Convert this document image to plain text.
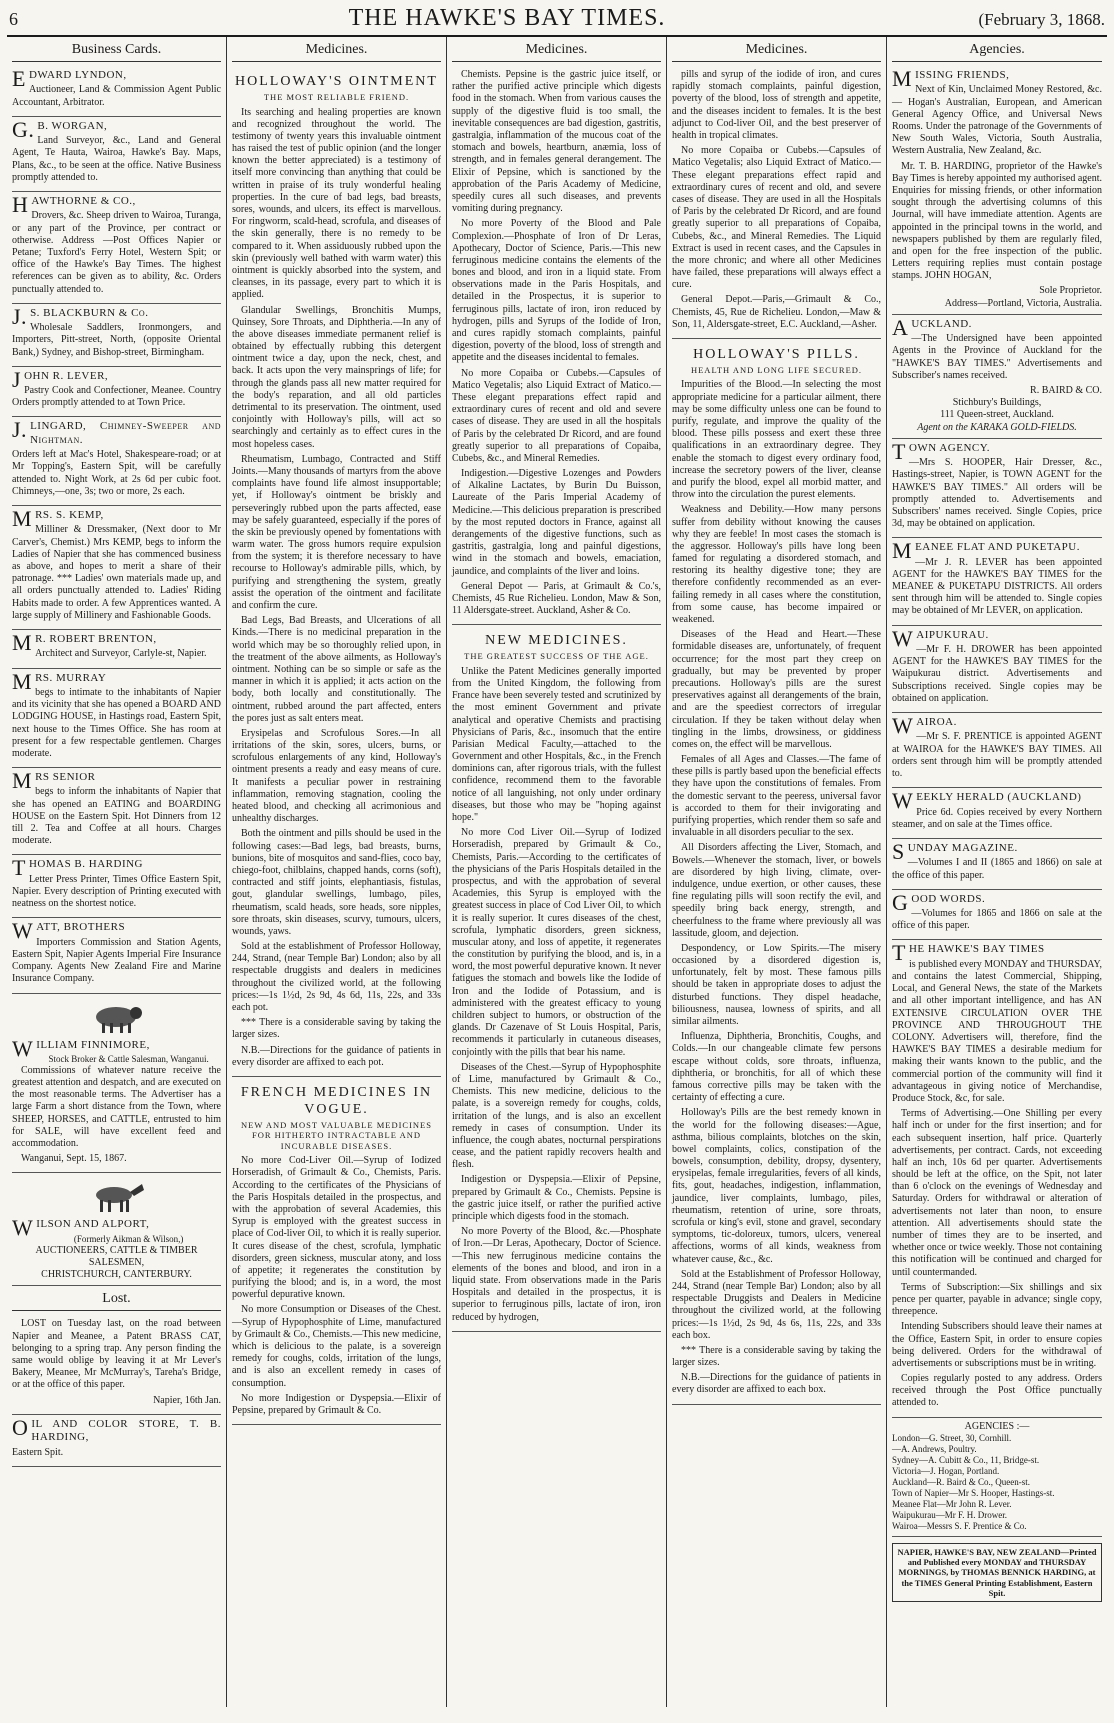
6	THE HAWKE'S BAY TIMES.	(February 3, 1868.
Business Cards.
EDWARD LYNDON,

Auctioneer, Land & Commission Agent Public Accountant, Arbitrator.

G.B. WORGAN,

Land Surveyor, &c., Land and General Agent, Te Hauta, Wairoa, Hawke's Bay. Maps, Plans, &c., to be seen at the office. Native Business promptly attended to.

HAWTHORNE & CO.,

Drovers, &c. Sheep driven to Wairoa, Turanga, or any part of the Province, per contract or otherwise. Address —Post Offices Napier or Petane; Tuxford's Ferry Hotel, Western Spit; or office of the Hawke's Bay Times. The highest references can be given as to ability, &c. Orders punctually attended to.

J.S. BLACKBURN & Co.

Wholesale Saddlers, Ironmongers, and Importers, Pitt-street, North, (opposite Oriental Bank,) Sydney, and Bishop-street, Birmingham.

JOHN R. LEVER,

Pastry Cook and Confectioner, Meanee. Country Orders promptly attended to at Town Price.

J.LINGARD, Chimney-Sweeper and Nightman.

Orders left at Mac's Hotel, Shakespeare-road; or at Mr Topping's, Eastern Spit, will be carefully attended to. Night Work, at 2s 6d per cubic foot. Chimneys,—one, 3s; two or more, 2s each.

MRS. S. KEMP,

Milliner & Dressmaker, (Next door to Mr Carver's, Chemist.) Mrs KEMP, begs to inform the Ladies of Napier that she has commenced business as above, and hopes to merit a share of their patronage. *** Ladies' own materials made up, and all orders punctually attended to. Ladies' Riding Habits made to order. A few Apprentices wanted. A large supply of Millinery and Fashionable Goods.

MR. ROBERT BRENTON,

Architect and Surveyor, Carlyle-st, Napier.

MRS. MURRAY

begs to intimate to the inhabitants of Napier and its vicinity that she has opened a BOARD AND LODGING HOUSE, in Hastings road, Eastern Spit, next house to the Times Office. She has room at present for a few respectable gentlemen. Charges moderate.

MRS SENIOR

begs to inform the inhabitants of Napier that she has opened an EATING and BOARDING HOUSE on the Eastern Spit. Hot Dinners from 12 till 2. Tea and Coffee at all hours. Charges moderate.

THOMAS B. HARDING

Letter Press Printer, Times Office Eastern Spit, Napier. Every description of Printing executed with neatness on the shortest notice.

WATT, BROTHERS

Importers Commission and Station Agents, Eastern Spit, Napier Agents Imperial Fire Insurance Company. Agents New Zealand Fire and Marine Insurance Company.

WILLIAM FINNIMORE,
Stock Broker & Cattle Salesman, Wanganui.

Commissions of whatever nature receive the greatest attention and despatch, and are executed on the most reasonable terms. The Advertiser has a large Farm a short distance from the Town, where SHEEP, HORSES, and CATTLE, entrusted to him for SALE, will have excellent feed and accommodation.

Wanganui, Sept. 15, 1867.

WILSON AND ALPORT,
(Formerly Aikman & Wilson,)
AUCTIONEERS, CATTLE & TIMBER
SALESMEN,
CHRISTCHURCH, CANTERBURY.
Lost.

LOST on Tuesday last, on the road between Napier and Meanee, a Patent BRASS CAT, belonging to a spring trap. Any person finding the same would oblige by leaving it at Mr Lever's Bakery, Meanee, Mr McMurray's, Tareha's Bridge, or at the office of this paper.

Napier, 16th Jan.

OIL AND COLOR STORE, T. B. HARDING,

Eastern Spit.

Medicines.
HOLLOWAY'S OINTMENT
THE MOST RELIABLE FRIEND.

Its searching and healing properties are known and recognized throughout the world. The testimony of twenty years this invaluable ointment has raised the test of public opinion (and the longer known the better appreciated) is a testimony of itself more convincing than anything that could be written in praise of its truly wonderful healing properties. In the cure of bad legs, bad breasts, sores, wounds, and ulcers, its effect is marvellous. For ringworm, scald-head, scrofula, and diseases of the skin generally, there is no remedy to be compared to it. When assiduously rubbed upon the skin (previously well bathed with warm water) this ointment is quickly absorbed into the system, and cleanses, in its passage, every part to which it is applied.

Glandular Swellings, Bronchitis Mumps, Quinsey, Sore Throats, and Diphtheria.—In any of the above diseases immediate permanent relief is obtained by effectually rubbing this detergent ointment twice a day, upon the neck, chest, and back. It acts upon the very mainsprings of life; for through the glands pass all new matter required for the body's reparation, and all old particles detrimental to its preservation. The ointment, used conjointly with Holloway's pills, will act so searchingly and certainly as to effect cures in the most hopeless cases.

Rheumatism, Lumbago, Contracted and Stiff Joints.—Many thousands of martyrs from the above complaints have found life almost insupportable; yet, if Holloway's ointment be briskly and perseveringly rubbed upon the parts affected, ease may be safely guaranteed, especially if the pores of the skin be previously opened by fomentations with warm water. The gross humors require expulsion from the system; it is therefore necessary to have recourse to Holloway's admirable pills, which, by purifying and strengthening the system, greatly assist the operation of the ointment and facilitate and confirm the cure.

Bad Legs, Bad Breasts, and Ulcerations of all Kinds.—There is no medicinal preparation in the world which may be so thoroughly relied upon, in the treatment of the above ailments, as Holloway's ointment. Nothing can be so simple or safe as the manner in which it is applied; it acts action on the body, both locally and constitutionally. The ointment, rubbed around the part affected, enters the pores just as salt enters meat.

Erysipelas and Scrofulous Sores.—In all irritations of the skin, sores, ulcers, burns, or scrofulous enlargements of any kind, Holloway's ointment presents a ready and easy means of cure. It manifests a peculiar power in restraining inflammation, removing stagnation, cooling the heated blood, and checking all acrimonious and unhealthy discharges.

Both the ointment and pills should be used in the following cases:—Bad legs, bad breasts, burns, bunions, bite of mosquitos and sand-flies, coco bay, chiego-foot, chilblains, chapped hands, corns (soft), contracted and stiff joints, elephantiasis, fistulas, gout, glandular swellings, lumbago, piles, rheumatism, scald heads, sore heads, sore nipples, sore throats, skin diseases, scurvy, tumours, ulcers, wounds, yaws.

Sold at the establishment of Professor Holloway, 244, Strand, (near Temple Bar) London; also by all respectable druggists and dealers in medicines throughout the civilized world, at the following prices:—1s 1½d, 2s 9d, 4s 6d, 11s, 22s, and 33s each pot.

*** There is a considerable saving by taking the larger sizes.

N.B.—Directions for the guidance of patients in every disorder are affixed to each pot.

FRENCH MEDICINES IN VOGUE.
NEW AND MOST VALUABLE MEDICINES FOR HITHERTO INTRACTABLE AND INCURABLE DISEASES.

No more Cod-Liver Oil.—Syrup of Iodized Horseradish, of Grimault & Co., Chemists, Paris. According to the certificates of the Physicians of the Paris Hospitals detailed in the prospectus, and with the approbation of several Academies, this Syrup is employed with the greatest success in place of Cod-liver Oil, to which it is really superior. It cures disease of the chest, scrofula, lymphatic disorders, green sickness, muscular atony, and loss of appetite; it regenerates the constitution by purifying the blood; and is, in a word, the most powerful depurative known.

No more Consumption or Diseases of the Chest.—Syrup of Hypophosphite of Lime, manufactured by Grimault & Co., Chemists.—This new medicine, which is delicious to the palate, is a sovereign remedy for coughs, colds, irritation of the lungs, and is also an excellent remedy in cases of consumption.

No more Indigestion or Dyspepsia.—Elixir of Pepsine, prepared by Grimault & Co.

Medicines.

Chemists. Pepsine is the gastric juice itself, or rather the purified active principle which digests food in the stomach. When from various causes the supply of the digestive fluid is too small, the inevitable consequences are bad digestion, gastritis, gastralgia, inflammation of the mucous coat of the stomach and bowels, heartburn, anæmia, loss of strength, and in females general derangement. The Elixir of Pepsine, which is sanctioned by the approbation of the Paris Academy of Medicine, speedily cures all such diseases, and prevents vomiting during pregnancy.

No more Poverty of the Blood and Pale Complexion.—Phosphate of Iron of Dr Leras, Apothecary, Doctor of Science, Paris.—This new ferruginous medicine contains the elements of the bones and blood, and iron in a liquid state. From observations made in the Paris Hospitals, and detailed in the Prospectus, it is superior to ferruginous pills, lactate of iron, iron reduced by hydrogen, pills and Syrups of the Iodide of Iron, and cures rapidly stomach complaints, painful digestion, poverty of the blood, loss of strength and appetite and the diseases incidental to females.

No more Copaiba or Cubebs.—Capsules of Matico Vegetalis; also Liquid Extract of Matico.—These elegant preparations effect rapid and extraordinary cures of recent and old and severe cases of disease. They are used in all the hospitals of Paris by the celebrated Dr Ricord, and are found greatly superior to all preparations of Copaiba, Cubebs, &c., and Mineral Remedies.

Indigestion.—Digestive Lozenges and Powders of Alkaline Lactates, by Burin Du Buisson, Laureate of the Paris Imperial Academy of Medicine.—This delicious preparation is prescribed by the most reputed doctors in France, against all derangements of the digestive functions, such as gastritis, gastralgia, long and painful digestions, wind in the stomach and bowels, emaciation, jaundice, and complaints of the liver and loins.

General Depot — Paris, at Grimault & Co.'s, Chemists, 45 Rue Richelieu. London, Maw & Son, 11 Aldersgate-street. Auckland, Asher & Co.

NEW MEDICINES.
THE GREATEST SUCCESS OF THE AGE.

Unlike the Patent Medicines generally imported from the United Kingdom, the following from France have been severely tested and scrutinized by the most eminent Government and private analytical and operative Chemists and practising Physicians of Paris, &c., insomuch that the entire Parisian Medical Faculty,—attached to the Government and other Hospitals, &c., in the French dominions can, after rigorous trials, with the fullest confidence, recommend them to the favorable notice of all languishing, not only under ordinary diseases, but those who may be "hoping against hope."

No more Cod Liver Oil.—Syrup of Iodized Horseradish, prepared by Grimault & Co., Chemists, Paris.—According to the certificates of the physicians of the Paris Hospitals detailed in the prospectus, and with the approbation of several Academies, this Syrup is employed with the greatest success in place of Cod Liver Oil, to which it is really superior. It cures diseases of the chest, scrofula, lymphatic disorders, green sickness, muscular atony, and loss of appetite, it regenerates the constitution by purifying the blood, and is, in a word, the most powerful depurative known. It never fatigues the stomach and bowels like the Iodide of Iron and the Iodide of Potassium, and is administered with the greatest efficacy to young children subject to humors, or obstruction of the glands. Dr Cazenave of St Louis Hospital, Paris, recommends it particularly in cutaneous diseases, conjointly with the pills that bear his name.

Diseases of the Chest.—Syrup of Hypophosphite of Lime, manufactured by Grimault & Co., Chemists. This new medicine, delicious to the palate, is a sovereign remedy for coughs, colds, irritation of the lungs, and is also an excellent remedy in cases of consumption. Under its influence, the cough abates, nocturnal perspirations cease, and the patient rapidly recovers health and flesh.

Indigestion or Dyspepsia.—Elixir of Pepsine, prepared by Grimault & Co., Chemists. Pepsine is the gastric juice itself, or rather the purified active principle which digests food in the stomach.

No more Poverty of the Blood, &c.—Phosphate of Iron.—Dr Leras, Apothecary, Doctor of Science.—This new ferruginous medicine contains the elements of the bones and blood, and iron in a liquid state. From observations made in the Paris Hospitals and detailed in the prospectus, it is superior to ferruginous pills, lactate of iron, iron reduced by hydrogen,

Medicines.

pills and syrup of the iodide of iron, and cures rapidly stomach complaints, painful digestion, poverty of the blood, loss of strength and appetite, and the diseases incident to females. It is the best adjunct to Cod-liver Oil, and the best preserver of health in tropical climates.

No more Copaiba or Cubebs.—Capsules of Matico Vegetalis; also Liquid Extract of Matico.—These elegant preparations effect rapid and extraordinary cures of recent and old, and severe cases of disease. They are used in all the Hospitals of Paris by the celebrated Dr Ricord, and are found greatly superior to all preparations of Copaiba, Cubebs, &c., and Mineral Remedies. The Liquid Extract is used in recent cases, and the Capsules in the more chronic; and where all other Medicines have failed, these preparations will always effect a cure.

General Depot.—Paris,—Grimault & Co., Chemists, 45, Rue de Richelieu. London,—Maw & Son, 11, Aldersgate-street, E.C. Auckland,—Asher.

HOLLOWAY'S PILLS.
HEALTH AND LONG LIFE SECURED.

Impurities of the Blood.—In selecting the most appropriate medicine for a particular ailment, there may be some difficulty unless one can be found to purify, regulate, and improve the quality of the blood. These pills possess and exert these three qualifications in an extraordinary degree. They enable the stomach to digest every ordinary food, increase the secretory powers of the liver, cleanse and purify the blood, expel all morbid matter, and throw into the circulation the purest elements.

Weakness and Debility.—How many persons suffer from debility without knowing the causes why they are feeble! In most cases the stomach is the aggressor. Holloway's pills have long been famed for regulating a disordered stomach, and restoring its healthy digestive tone; they are therefore confidently recommended as an ever-failing remedy in all cases where the constitution, from some cause, has become impaired or weakened.

Diseases of the Head and Heart.—These formidable diseases are, unfortunately, of frequent occurrence; for the most part they creep on gradually, but may be prevented by proper precautions. Holloway's pills are the surest preservatives against all derangements of the brain, and are the speediest correctors of irregular circulation. If they be taken without delay when tingling in the limbs, drowsiness, or giddiness comes on, the effect will be marvellous.

Females of all Ages and Classes.—The fame of these pills is partly based upon the beneficial effects they have upon the constitutions of females. From the domestic servant to the peeress, universal favor is accorded to them for their invigorating and purifying properties, which render them so safe and invaluable in all disorders peculiar to the sex.

All Disorders affecting the Liver, Stomach, and Bowels.—Whenever the stomach, liver, or bowels are disordered by high living, climate, over-indulgence, undue exertion, or other causes, these fine regulating pills will soon rectify the evil, and speedily bring back energy, strength, and cheerfulness to the frame where previously all was lassitude, gloom, and dejection.

Despondency, or Low Spirits.—The misery occasioned by a disordered digestion is, unfortunately, felt by most. These famous pills should be taken in appropriate doses to adjust the disturbed functions. They dispel headache, biliousness, nausea, lowness of spirits, and all similar ailments.

Influenza, Diphtheria, Bronchitis, Coughs, and Colds.—In our changeable climate few persons escape without colds, sore throats, influenza, diphtheria, or bronchitis, for all of which these famous corrective pills may be taken with the certainty of effecting a cure.

Holloway's Pills are the best remedy known in the world for the following diseases:—Ague, asthma, bilious complaints, blotches on the skin, bowel complaints, colics, constipation of the bowels, consumption, debility, dropsy, dysentery, erysipelas, female irregularities, fevers of all kinds, fits, gout, headaches, indigestion, inflammation, jaundice, liver complaints, lumbago, piles, rheumatism, retention of urine, sore throats, scrofula or king's evil, stone and gravel, secondary symptoms, tic-doloreux, tumors, ulcers, venereal affections, worms of all kinds, weakness from whatever cause, &c., &c.

Sold at the Establishment of Professor Holloway, 244, Strand (near Temple Bar) London; also by all respectable Druggists and Dealers in Medicine throughout the civilized world, at the following prices:—1s 1½d, 2s 9d, 4s 6s, 11s, 22s, and 33s each box.

*** There is a considerable saving by taking the larger sizes.

N.B.—Directions for the guidance of patients in every disorder are affixed to each box.

Agencies.
MISSING FRIENDS,

Next of Kin, Unclaimed Money Restored, &c.— Hogan's Australian, European, and American General Agency Office, and Universal News Rooms. Under the patronage of the Governments of New South Wales, Victoria, South Australia, Western Australia, New Zealand, &c.

Mr. T. B. HARDING, proprietor of the Hawke's Bay Times is hereby appointed my authorised agent. Enquiries for missing friends, or other information sought through the advertising columns of this Journal, will have immediate attention. Agents are appointed in the principal towns in the world, and newspapers published by them are regularly filed, and open for the free inspection of the public. Letters requiring replies must contain postage stamps. JOHN HOGAN,

Sole Proprietor.
Address—Portland, Victoria, Australia.
AUCKLAND.

—The Undersigned have been appointed Agents in the Province of Auckland for the "HAWKE'S BAY TIMES." Advertisements and Subscriber's names received.

R. BAIRD & CO.
Stichbury's Buildings,
111 Queen-street, Auckland.
Agent on the KARAKA GOLD-FIELDS.
TOWN AGENCY.

—Mrs S. HOOPER, Hair Dresser, &c., Hastings-street, Napier, is TOWN AGENT for the HAWKE'S BAY TIMES." All orders will be promptly attended to. Advertisements and Subscribers' names received. Single Copies, price 3d, may be obtained on application.

MEANEE FLAT AND PUKETAPU.

—Mr J. R. LEVER has been appointed AGENT for the HAWKE'S BAY TIMES for the MEANEE & PUKETAPU DISTRICTS. All orders sent through him will be attended to. Single copies may be obtained of Mr LEVER, on application.

WAIPUKURAU.

—Mr F. H. DROWER has been appointed AGENT for the HAWKE'S BAY TIMES for the Waipukurau district. Advertisements and Subscriptions received. Single copies may be obtained on application.

WAIROA.

—Mr S. F. PRENTICE is appointed AGENT at WAIROA for the HAWKE'S BAY TIMES. All orders sent through him will be promptly attended to.

WEEKLY HERALD (AUCKLAND)

Price 6d. Copies received by every Northern steamer, and on sale at the Times office.

SUNDAY MAGAZINE.

—Volumes I and II (1865 and 1866) on sale at the office of this paper.

GOOD WORDS.

—Volumes for 1865 and 1866 on sale at the office of this paper.

THE HAWKE'S BAY TIMES

is published every MONDAY and THURSDAY, and contains the latest Commercial, Shipping, Local, and General News, the state of the Markets and all other important intelligence, and has AN EXTENSIVE CIRCULATION OVER THE PROVINCE AND THROUGHOUT THE COLONY. Advertisers will, therefore, find the HAWKE'S BAY TIMES a desirable medium for making their wants known to the public, and the commercial portion of the community will find it advantageous in giving notice of Merchandise, Produce Stock, &c, for sale.

Terms of Advertising.—One Shilling per every half inch or under for the first insertion; and for each subsequent insertion, half price. Quarterly advertisements, per contract. Cards, not exceeding half an inch, 10s 6d per quarter. Advertisements should be left at the office, on the Spit, not later than 6 o'clock on the evenings of Wednesday and Saturday. Orders for withdrawal or alteration of advertisements not later than noon, to ensure attention. All advertisements should state the number of times they are to be inserted, and whether once or twice weekly. Those not containing this notification will be continued and charged for until countermanded.

Terms of Subscription:—Six shillings and six pence per quarter, payable in advance; single copy, threepence.

Intending Subscribers should leave their names at the Office, Eastern Spit, in order to ensure copies being delivered. Orders for the withdrawal of advertisements or subscriptions must be in writing.

Copies regularly posted to any address. Orders received through the Post Office punctually attended to.

AGENCIES :—
London—G. Street, 30, Cornhill.
—A. Andrews, Poultry.
Sydney—A. Cubitt & Co., 11, Bridge-st.
Victoria—J. Hogan, Portland.
Auckland—R. Baird & Co., Queen-st.
Town of Napier—Mr S. Hooper, Hastings-st.
Meanee Flat—Mr John R. Lever.
Waipukurau—Mr F. H. Drower.
Wairoa—Messrs S. F. Prentice & Co.
NAPIER, HAWKE'S BAY, NEW ZEALAND—Printed and Published every MONDAY and THURSDAY MORNINGS, by THOMAS BENNICK HARDING, at the TIMES General Printing Establishment, Eastern Spit.
